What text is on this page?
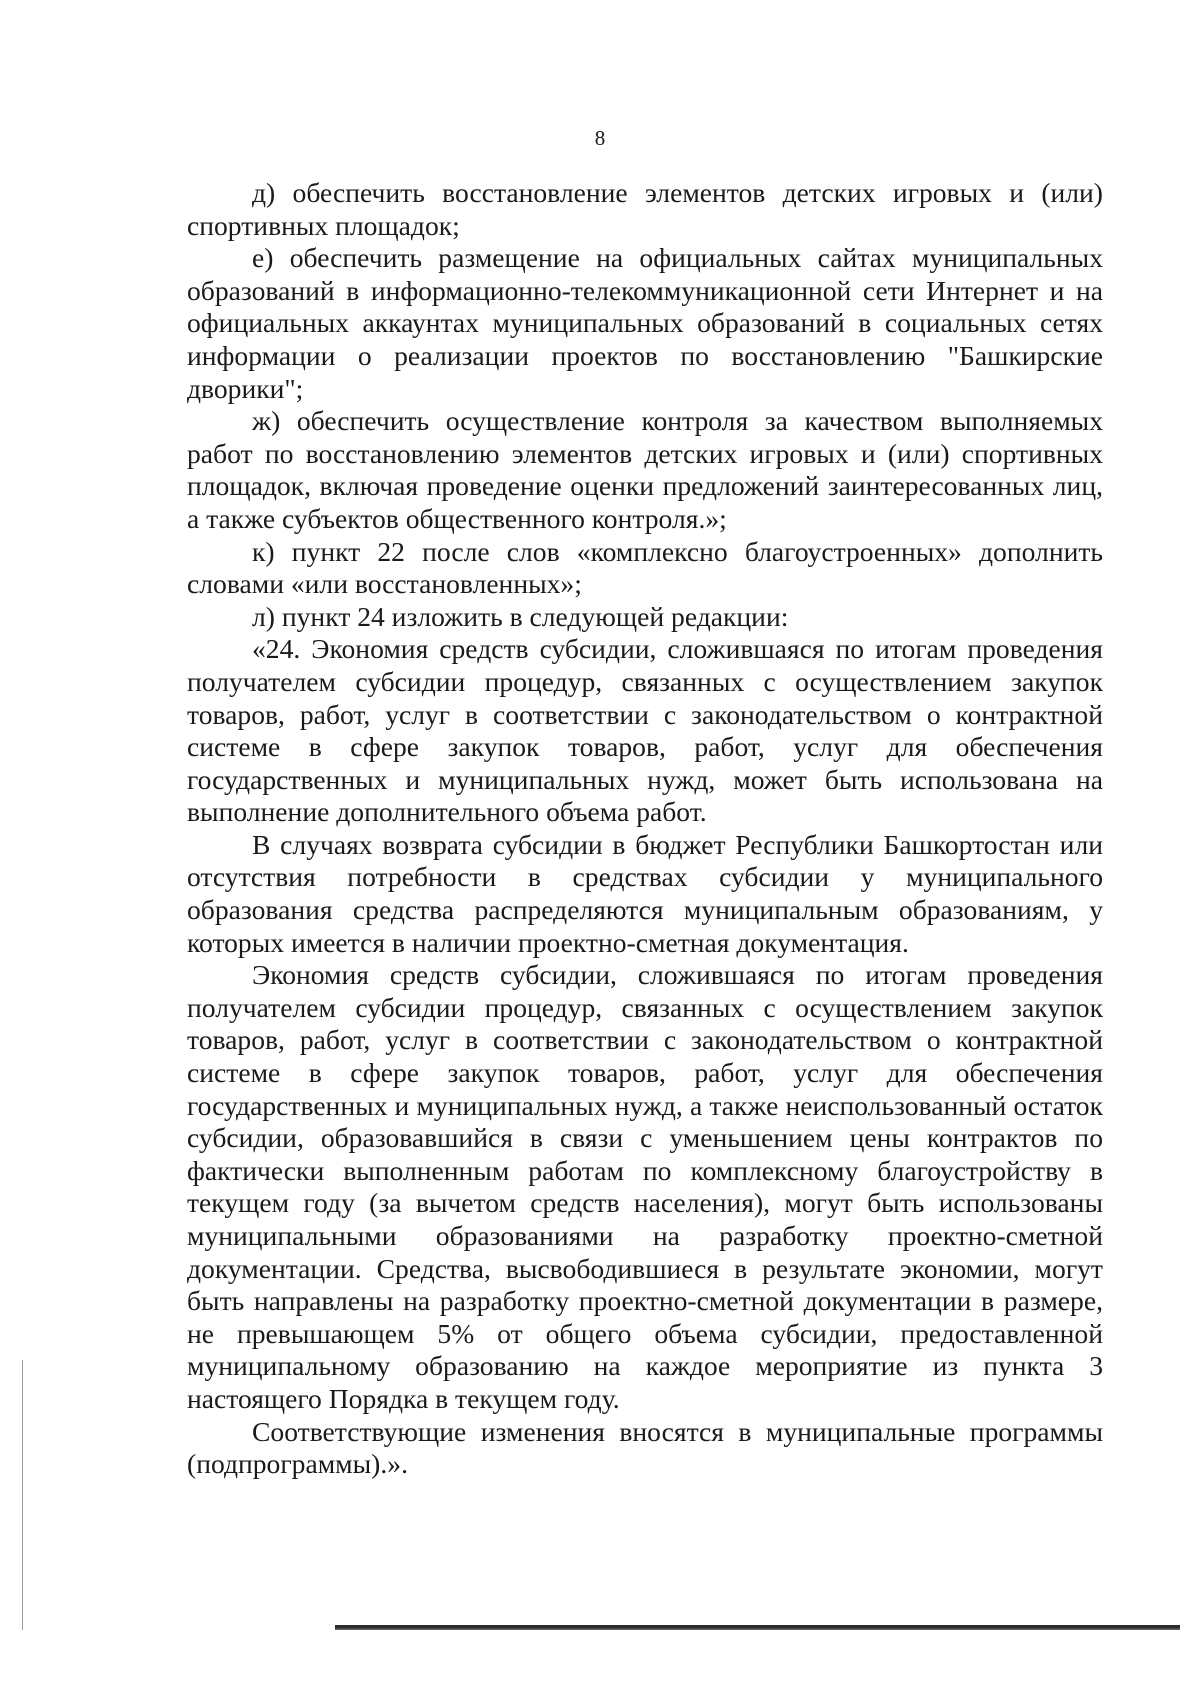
8

д) обеспечить восстановление элементов детских игровых и (или) спортивных площадок;

е) обеспечить размещение на официальных сайтах муниципальных образований в информационно-телекоммуникационной сети Интернет и на официальных аккаунтах муниципальных образований в социальных сетях информации о реализации проектов по восстановлению "Башкирские дворики";

ж) обеспечить осуществление контроля за качеством выполняемых работ по восстановлению элементов детских игровых и (или) спортивных площадок, включая проведение оценки предложений заинтересованных лиц, а также субъектов общественного контроля.»;

к) пункт 22 после слов «комплексно благоустроенных» дополнить словами «или восстановленных»;

л) пункт 24 изложить в следующей редакции:

«24. Экономия средств субсидии, сложившаяся по итогам проведения получателем субсидии процедур, связанных с осуществлением закупок товаров, работ, услуг в соответствии с законодательством о контрактной системе в сфере закупок товаров, работ, услуг для обеспечения государственных и муниципальных нужд, может быть использована на выполнение дополнительного объема работ.

В случаях возврата субсидии в бюджет Республики Башкортостан или отсутствия потребности в средствах субсидии у муниципального образования средства распределяются муниципальным образованиям, у которых имеется в наличии проектно-сметная документация.

Экономия средств субсидии, сложившаяся по итогам проведения получателем субсидии процедур, связанных с осуществлением закупок товаров, работ, услуг в соответствии с законодательством о контрактной системе в сфере закупок товаров, работ, услуг для обеспечения государственных и муниципальных нужд, а также неиспользованный остаток субсидии, образовавшийся в связи с уменьшением цены контрактов по фактически выполненным работам по комплексному благоустройству в текущем году (за вычетом средств населения), могут быть использованы муниципальными образованиями на разработку проектно-сметной документации. Средства, высвободившиеся в результате экономии, могут быть направлены на разработку проектно-сметной документации в размере, не превышающем 5% от общего объема субсидии, предоставленной муниципальному образованию на каждое мероприятие из пункта 3 настоящего Порядка в текущем году.

Соответствующие изменения вносятся в муниципальные программы (подпрограммы).».
